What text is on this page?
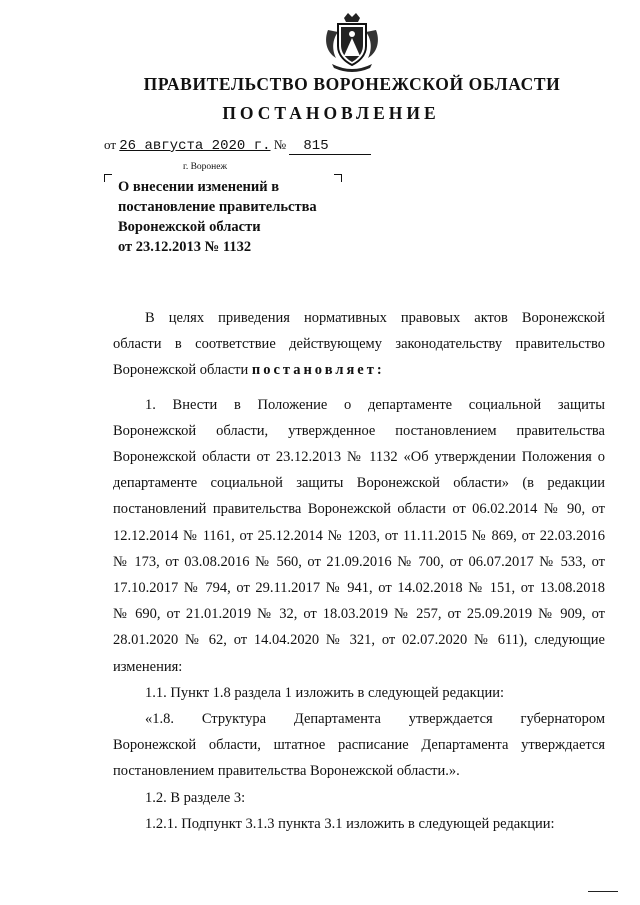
ПРАВИТЕЛЬСТВО ВОРОНЕЖСКОЙ ОБЛАСТИ
ПОСТАНОВЛЕНИЕ
от 26 августа 2020 г. № 815
г. Воронеж
О внесении изменений в
постановление правительства
Воронежской области
от 23.12.2013 № 1132
В целях приведения нормативных правовых актов Воронежской
области в соответствие действующему законодательству правительство
Воронежской области постановляет:
1. Внести в Положение о департаменте социальной защиты
Воронежской области, утвержденное постановлением правительства
Воронежской области от 23.12.2013 № 1132 «Об утверждении Положения о
департаменте социальной защиты Воронежской области» (в редакции
постановлений правительства Воронежской области от 06.02.2014 № 90, от
12.12.2014 № 1161, от 25.12.2014 № 1203, от 11.11.2015 № 869, от 22.03.2016
№ 173, от 03.08.2016 № 560, от 21.09.2016 № 700, от 06.07.2017 № 533, от
17.10.2017 № 794, от 29.11.2017 № 941, от 14.02.2018 № 151, от 13.08.2018
№ 690, от 21.01.2019 № 32, от 18.03.2019 № 257, от 25.09.2019 № 909, от
28.01.2020 № 62, от 14.04.2020 № 321, от 02.07.2020 № 611), следующие
изменения:
1.1. Пункт 1.8 раздела 1 изложить в следующей редакции:
«1.8. Структура Департамента утверждается губернатором
Воронежской области, штатное расписание Департамента утверждается
постановлением правительства Воронежской области.».
1.2. В разделе 3:
1.2.1. Подпункт 3.1.3 пункта 3.1 изложить в следующей редакции:
